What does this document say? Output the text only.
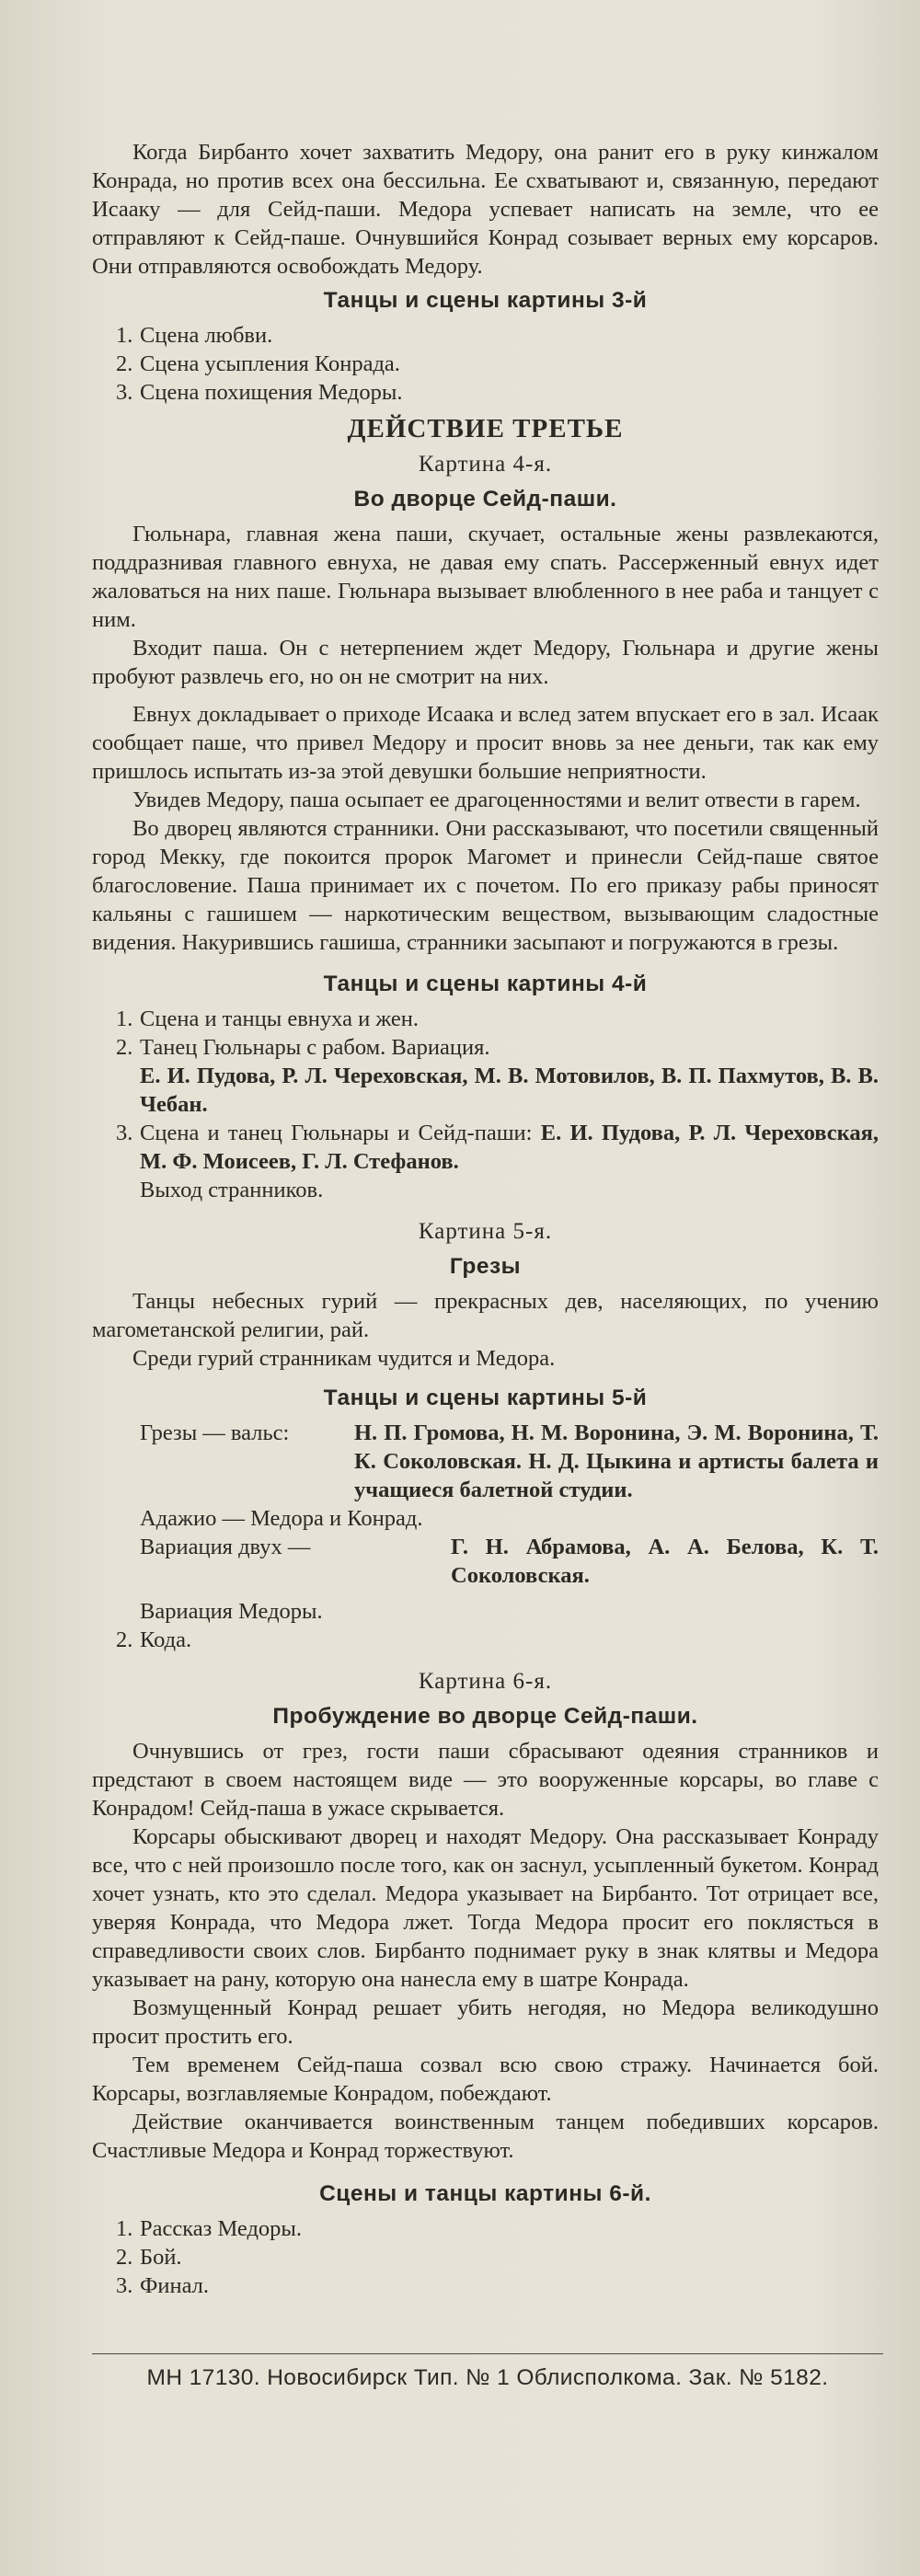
Когда Бирбанто хочет захватить Медору, она ранит его в руку кинжалом Конрада, но против всех она бессильна. Ее схватывают и, связанную, передают Исааку — для Сейд-паши. Медора успевает написать на земле, что ее отправляют к Сейд-паше. Очнувшийся Конрад созывает верных ему корсаров. Они отправляются освобождать Медору.

Танцы и сцены картины 3-й
1. Сцена любви.
2. Сцена усыпления Конрада.
3. Сцена похищения Медоры.
ДЕЙСТВИЕ ТРЕТЬЕ
Картина 4-я.
Во дворце Сейд-паши.

Гюльнара, главная жена паши, скучает, остальные жены развлекаются, поддразнивая главного евнуха, не давая ему спать. Рассерженный евнух идет жаловаться на них паше. Гюльнара вызывает влюбленного в нее раба и танцует с ним.

Входит паша. Он с нетерпением ждет Медору, Гюльнара и другие жены пробуют развлечь его, но он не смотрит на них.

Евнух докладывает о приходе Исаака и вслед затем впускает его в зал. Исаак сообщает паше, что привел Медору и просит вновь за нее деньги, так как ему пришлось испытать из-за этой девушки большие неприятности.

Увидев Медору, паша осыпает ее драгоценностями и велит отвести в гарем.

Во дворец являются странники. Они рассказывают, что посетили священный город Мекку, где покоится пророк Магомет и принесли Сейд-паше святое благословение. Паша принимает их с почетом. По его приказу рабы приносят кальяны с гашишем — наркотическим веществом, вызывающим сладостные видения. Накурившись гашиша, странники засыпают и погружаются в грезы.

Танцы и сцены картины 4-й
1. Сцена и танцы евнуха и жен.
2. Танец Гюльнары с рабом. Вариация.
Е. И. Пудова, Р. Л. Череховская, М. В. Мотовилов, В. П. Пахмутов, В. В. Чебан.
3. Сцена и танец Гюльнары и Сейд-паши: Е. И. Пудова, Р. Л. Череховская, М. Ф. Моисеев, Г. Л. Стефанов.
Выход странников.
Картина 5-я.
Грезы

Танцы небесных гурий — прекрасных дев, населяющих, по учению магометанской религии, рай.

Среди гурий странникам чудится и Медора.

Танцы и сцены картины 5-й
Грезы — вальс:	Н. П. Громова, Н. М. Воронина, Э. М. Воронина, Т. К. Соколовская. Н. Д. Цыкина и артисты балета и учащиеся балетной студии.
Адажио — Медора и Конрад.
Вариация двух —	Г. Н. Абрамова, А. А. Белова, К. Т. Соколовская.
Вариация Медоры.
2. Кода.
Картина 6-я.
Пробуждение во дворце Сейд-паши.

Очнувшись от грез, гости паши сбрасывают одеяния странников и предстают в своем настоящем виде — это вооруженные корсары, во главе с Конрадом! Сейд-паша в ужасе скрывается.

Корсары обыскивают дворец и находят Медору. Она рассказывает Конраду все, что с ней произошло после того, как он заснул, усыпленный букетом. Конрад хочет узнать, кто это сделал. Медора указывает на Бирбанто. Тот отрицает все, уверяя Конрада, что Медора лжет. Тогда Медора просит его поклясться в справедливости своих слов. Бирбанто поднимает руку в знак клятвы и Медора указывает на рану, которую она нанесла ему в шатре Конрада.

Возмущенный Конрад решает убить негодяя, но Медора великодушно просит простить его.

Тем временем Сейд-паша созвал всю свою стражу. Начинается бой. Корсары, возглавляемые Конрадом, побеждают.

Действие оканчивается воинственным танцем победивших корсаров. Счастливые Медора и Конрад торжествуют.

Сцены и танцы картины 6-й.
1. Рассказ Медоры.
2. Бой.
3. Финал.
МН 17130. Новосибирск Тип. № 1 Облисполкома. Зак. № 5182.
